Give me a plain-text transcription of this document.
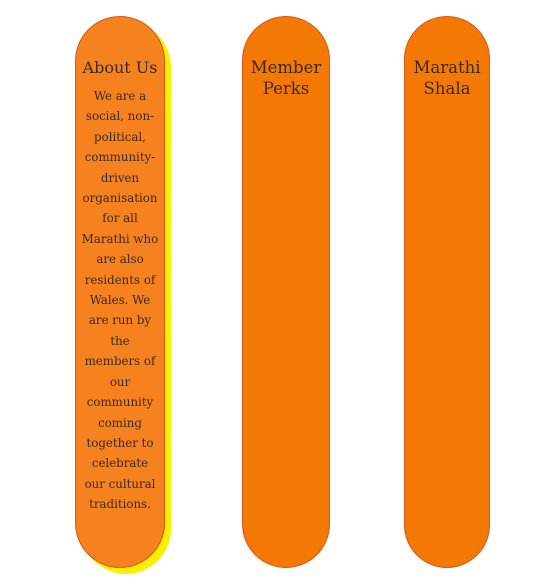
About Us
We are a social, non-political, community-driven organisation for all Marathi who are also residents of Wales. We are run by the members of our community coming together to celebrate our cultural traditions.
Member Perks
Marathi Shala
